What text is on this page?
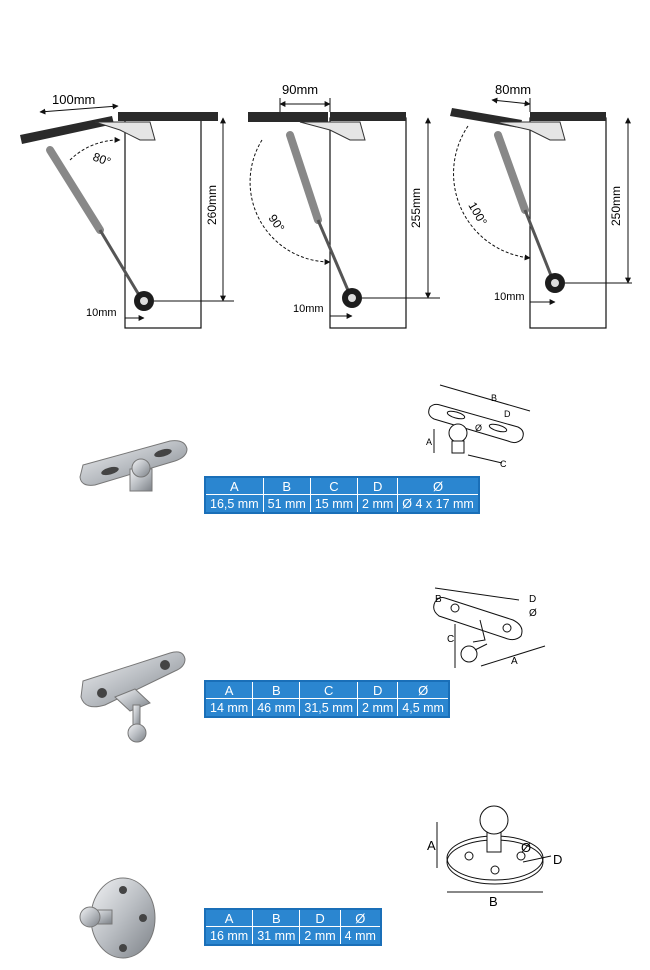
260mm
100mm
80°
10mm
255mm
90mm
90°
10mm
250mm
80mm
100°
10mm
B
D
Ø
A
C
A	B	C	D	Ø
16,5 mm	51 mm	15 mm	2 mm	Ø 4 x 17 mm
B	D
Ø
C
A
A	B	C	D	Ø
14 mm	46 mm	31,5 mm	2 mm	4,5 mm
A	Ø
D
B
A	B	D	Ø
16 mm	31 mm	2 mm	4 mm
